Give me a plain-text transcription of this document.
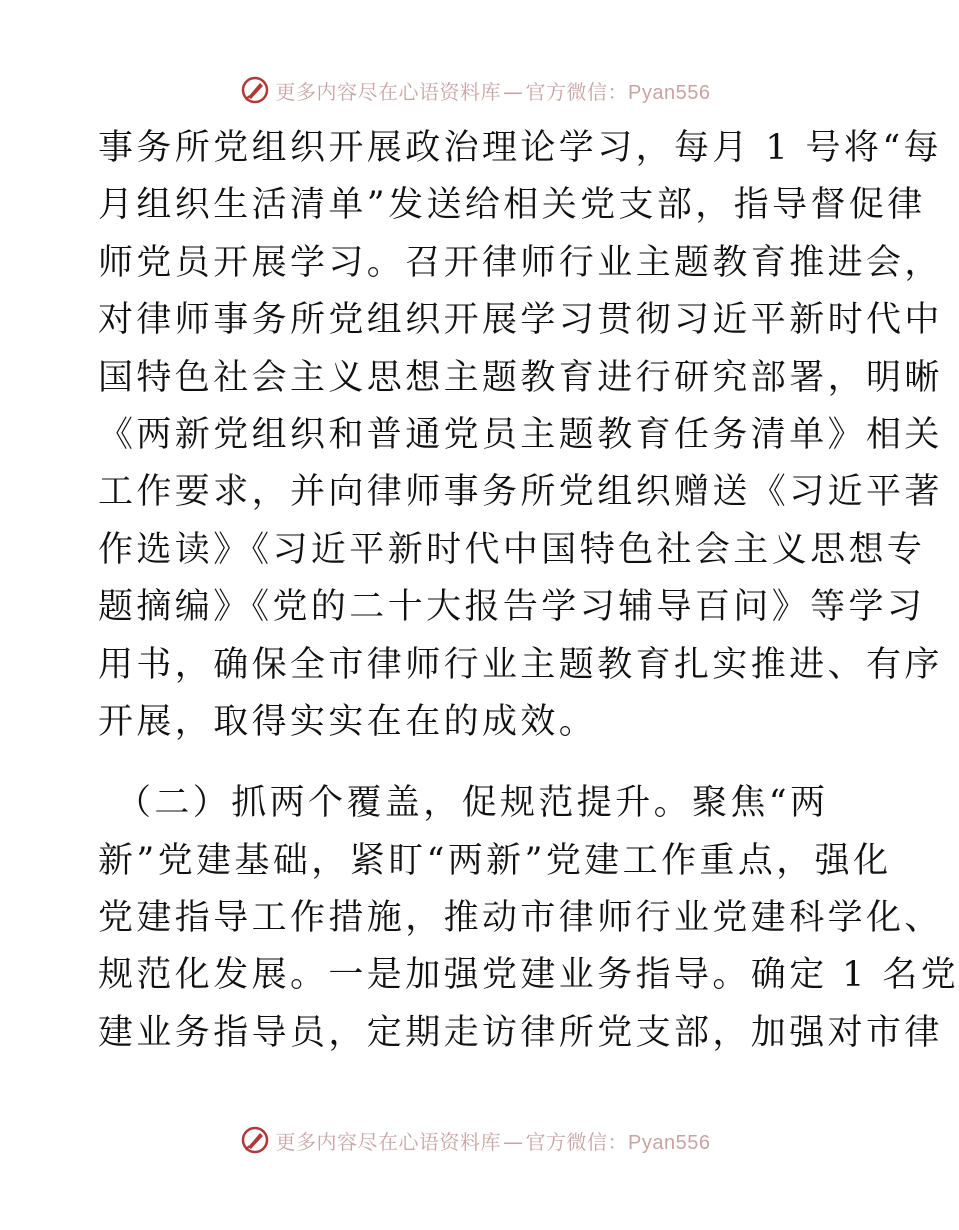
更多内容尽在心语资料库 — 官方微信：Pyan556
事务所党组织开展政治理论学习，每月 1 号将“每
月组织生活清单”发送给相关党支部，指导督促律
师党员开展学习。召开律师行业主题教育推进会，
对律师事务所党组织开展学习贯彻习近平新时代中
国特色社会主义思想主题教育进行研究部署，明晰
《两新党组织和普通党员主题教育任务清单》相关
工作要求，并向律师事务所党组织赠送《习近平著
作选读》《习近平新时代中国特色社会主义思想专
题摘编》《党的二十大报告学习辅导百问》等学习
用书，确保全市律师行业主题教育扎实推进、有序
开展，取得实实在在的成效。
（二）抓两个覆盖，促规范提升。聚焦“两
新”党建基础，紧盯“两新”党建工作重点，强化
党建指导工作措施，推动市律师行业党建科学化、
规范化发展。一是加强党建业务指导。确定 1 名党
建业务指导员，定期走访律所党支部，加强对市律
更多内容尽在心语资料库 — 官方微信：Pyan556
